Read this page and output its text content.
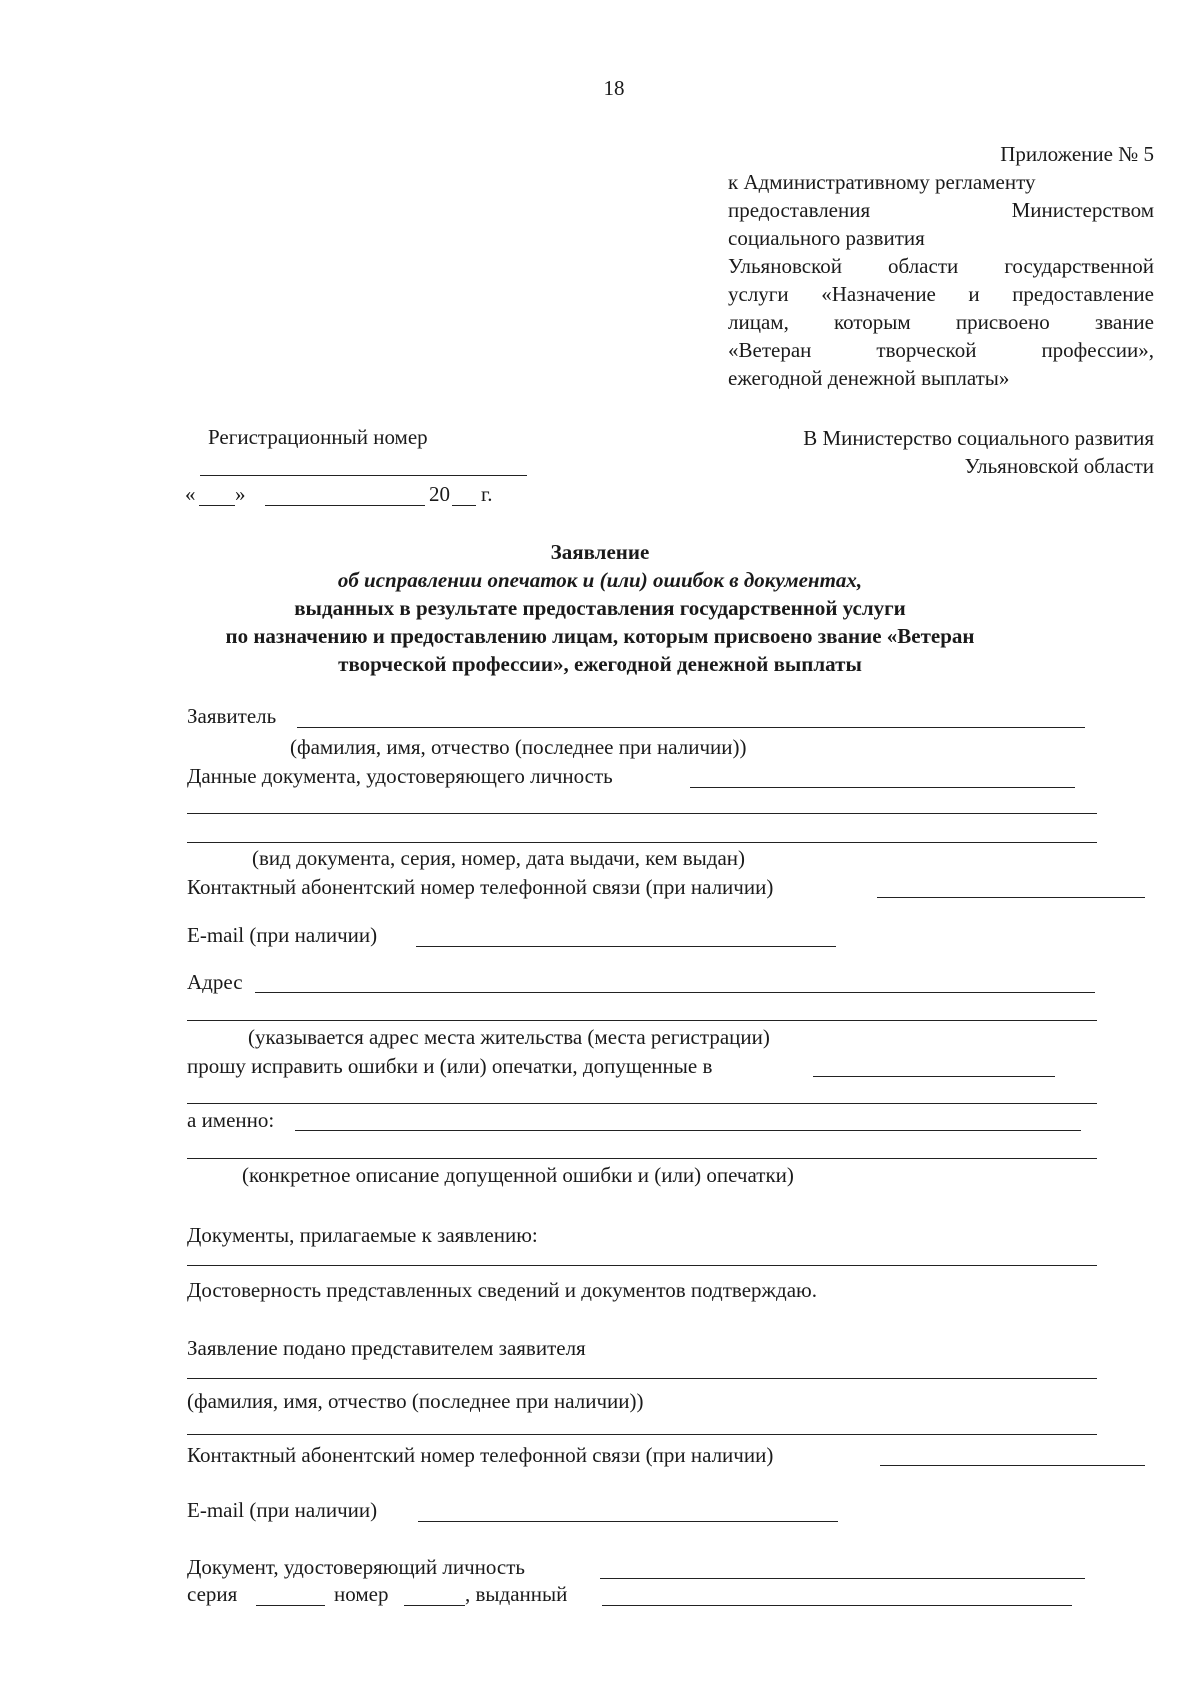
18
Приложение № 5
к Административному регламенту
предоставления Министерством
социального развития
Ульяновской области государственной
услуги «Назначение и предоставление
лицам, которым присвоено звание
«Ветеран творческой профессии»,
ежегодной денежной выплаты»
Регистрационный номер
« »	20 г.
В Министерство социального развития
Ульяновской области
Заявление
об исправлении опечаток и (или) ошибок в документах,
выданных в результате предоставления государственной услуги
по назначению и предоставлению лицам, которым присвоено звание «Ветеран
творческой профессии», ежегодной денежной выплаты
Заявитель
(фамилия, имя, отчество (последнее при наличии))
Данные документа, удостоверяющего личность
(вид документа, серия, номер, дата выдачи, кем выдан)
Контактный абонентский номер телефонной связи (при наличии)
E-mail (при наличии)
Адрес
(указывается адрес места жительства (места регистрации)
прошу исправить ошибки и (или) опечатки, допущенные в
а именно:
(конкретное описание допущенной ошибки и (или) опечатки)
Документы, прилагаемые к заявлению:
Достоверность представленных сведений и документов подтверждаю.
Заявление подано представителем заявителя
(фамилия, имя, отчество (последнее при наличии))
Контактный абонентский номер телефонной связи (при наличии)
E-mail (при наличии)
Документ, удостоверяющий личность
серия	номер	, выданный
